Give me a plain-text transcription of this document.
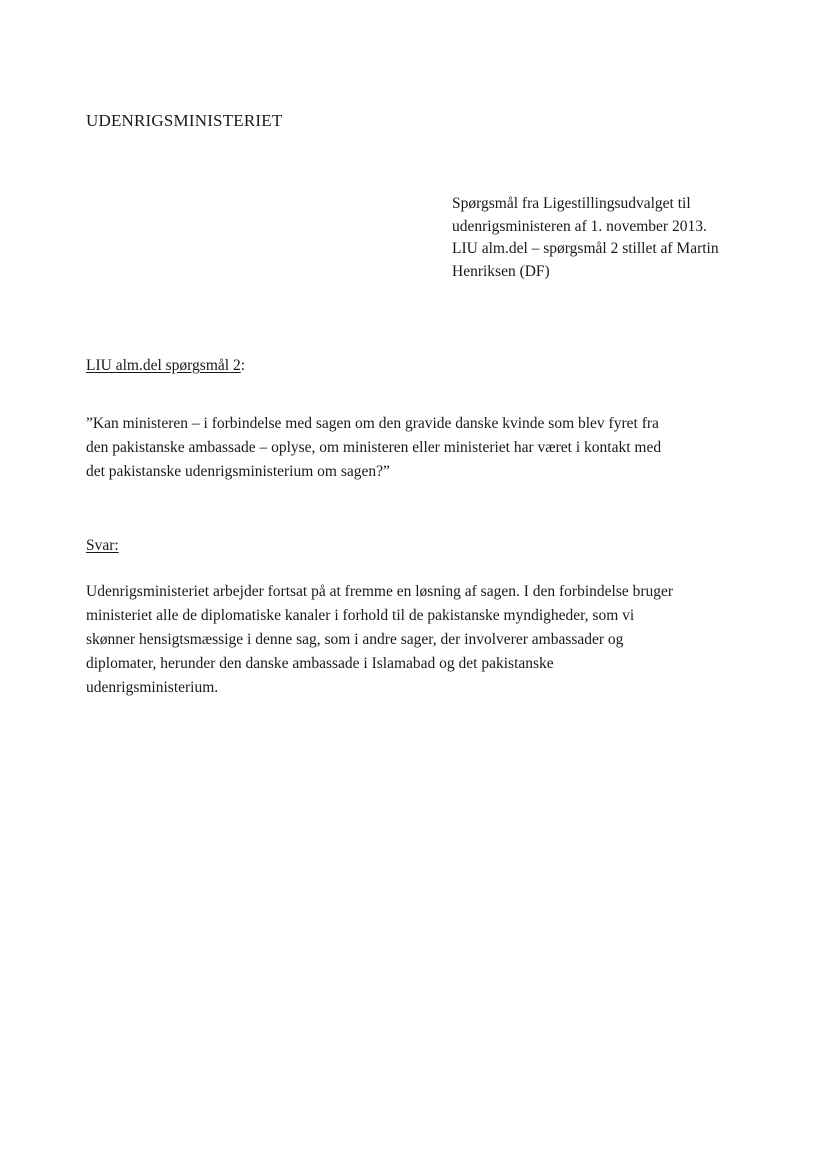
UDENRIGSMINISTERIET
Spørgsmål fra Ligestillingsudvalget til
udenrigsministeren af 1. november 2013.
LIU alm.del – spørgsmål 2 stillet af Martin
Henriksen (DF)
LIU alm.del spørgsmål 2:
”Kan ministeren – i forbindelse med sagen om den gravide danske kvinde som blev fyret fra
den pakistanske ambassade – oplyse, om ministeren eller ministeriet har været i kontakt med
det pakistanske udenrigsministerium om sagen?”
Svar:
Udenrigsministeriet arbejder fortsat på at fremme en løsning af sagen. I den forbindelse bruger
ministeriet alle de diplomatiske kanaler i forhold til de pakistanske myndigheder, som vi
skønner hensigtsmæssige i denne sag, som i andre sager, der involverer ambassader og
diplomater, herunder den danske ambassade i Islamabad og det pakistanske
udenrigsministerium.
